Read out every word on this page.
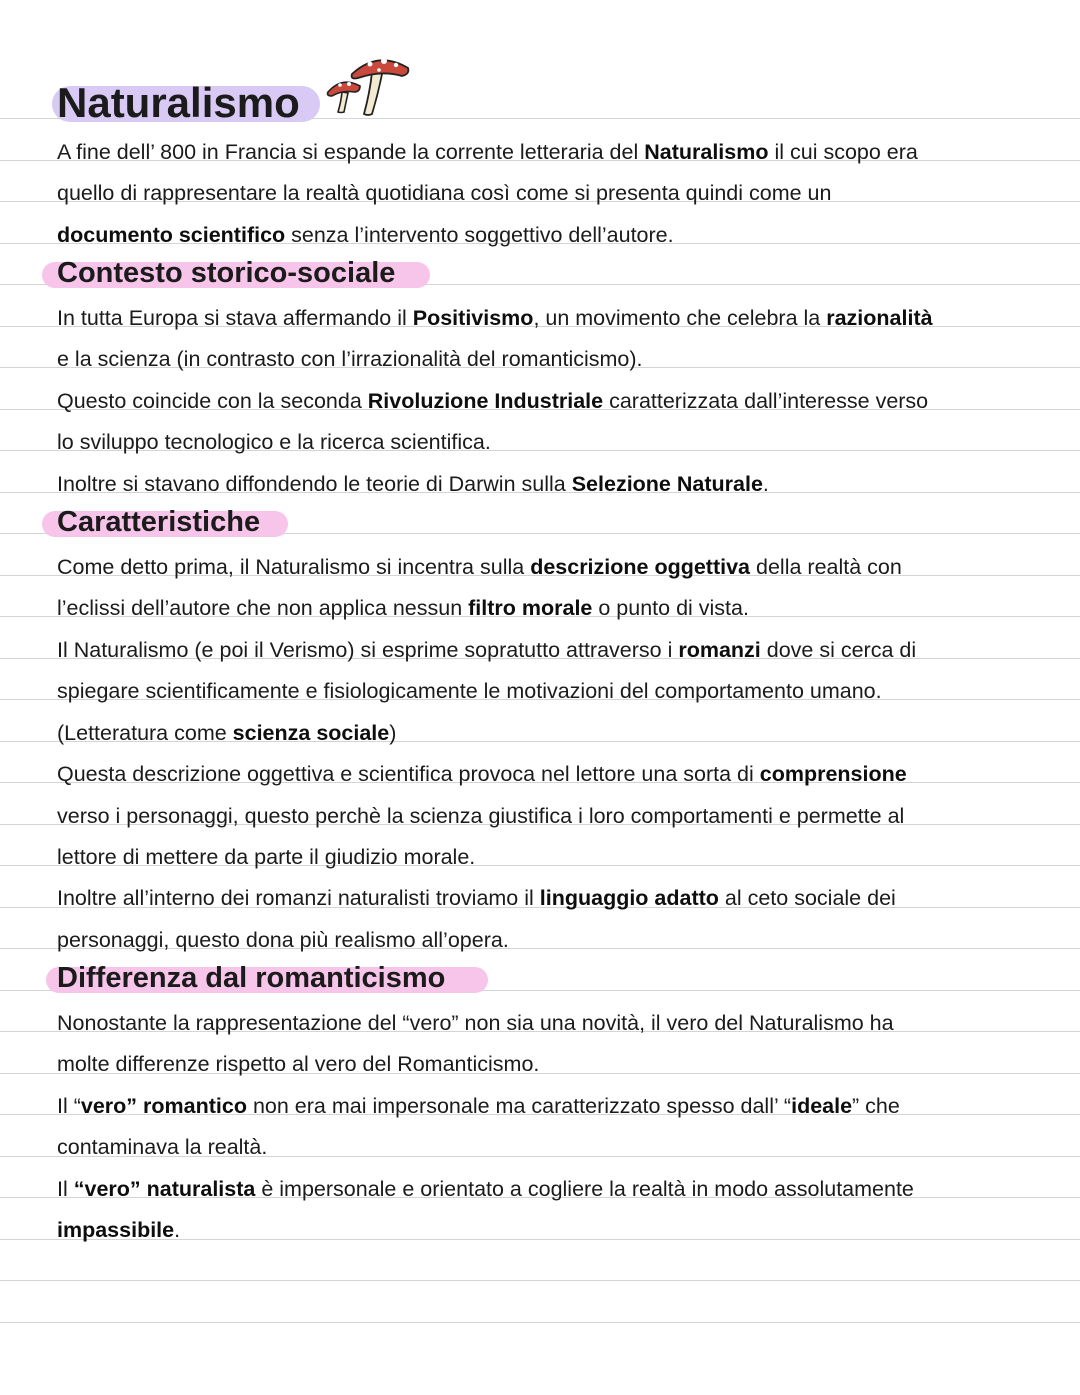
Naturalismo
A fine dell’ 800 in Francia si espande la corrente letteraria del Naturalismo il cui scopo era
quello di rappresentare la realtà quotidiana così come si presenta quindi come un
documento scientifico senza l’intervento soggettivo dell’autore.
Contesto storico-sociale
In tutta Europa si stava affermando il Positivismo, un movimento che celebra la razionalità
e la scienza (in contrasto con l’irrazionalità del romanticismo).
Questo coincide con la seconda Rivoluzione Industriale caratterizzata dall’interesse verso
lo sviluppo tecnologico e la ricerca scientifica.
Inoltre si stavano diffondendo le teorie di Darwin sulla Selezione Naturale.
Caratteristiche
Come detto prima, il Naturalismo si incentra sulla descrizione oggettiva della realtà con
l’eclissi dell’autore che non applica nessun filtro morale o punto di vista.
Il Naturalismo (e poi il Verismo) si esprime sopratutto attraverso i romanzi dove si cerca di
spiegare scientificamente e fisiologicamente le motivazioni del comportamento umano.
(Letteratura come scienza sociale)
Questa descrizione oggettiva e scientifica provoca nel lettore una sorta di comprensione
verso i personaggi, questo perchè la scienza giustifica i loro comportamenti e permette al
lettore di mettere da parte il giudizio morale.
Inoltre all’interno dei romanzi naturalisti troviamo il linguaggio adatto al ceto sociale dei
personaggi, questo dona più realismo all’opera.
Differenza dal romanticismo
Nonostante la rappresentazione del “vero” non sia una novità, il vero del Naturalismo ha
molte differenze rispetto al vero del Romanticismo.
Il “vero” romantico non era mai impersonale ma caratterizzato spesso dall’ “ideale” che
contaminava la realtà.
Il “vero” naturalista è impersonale e orientato a cogliere la realtà in modo assolutamente
impassibile.
